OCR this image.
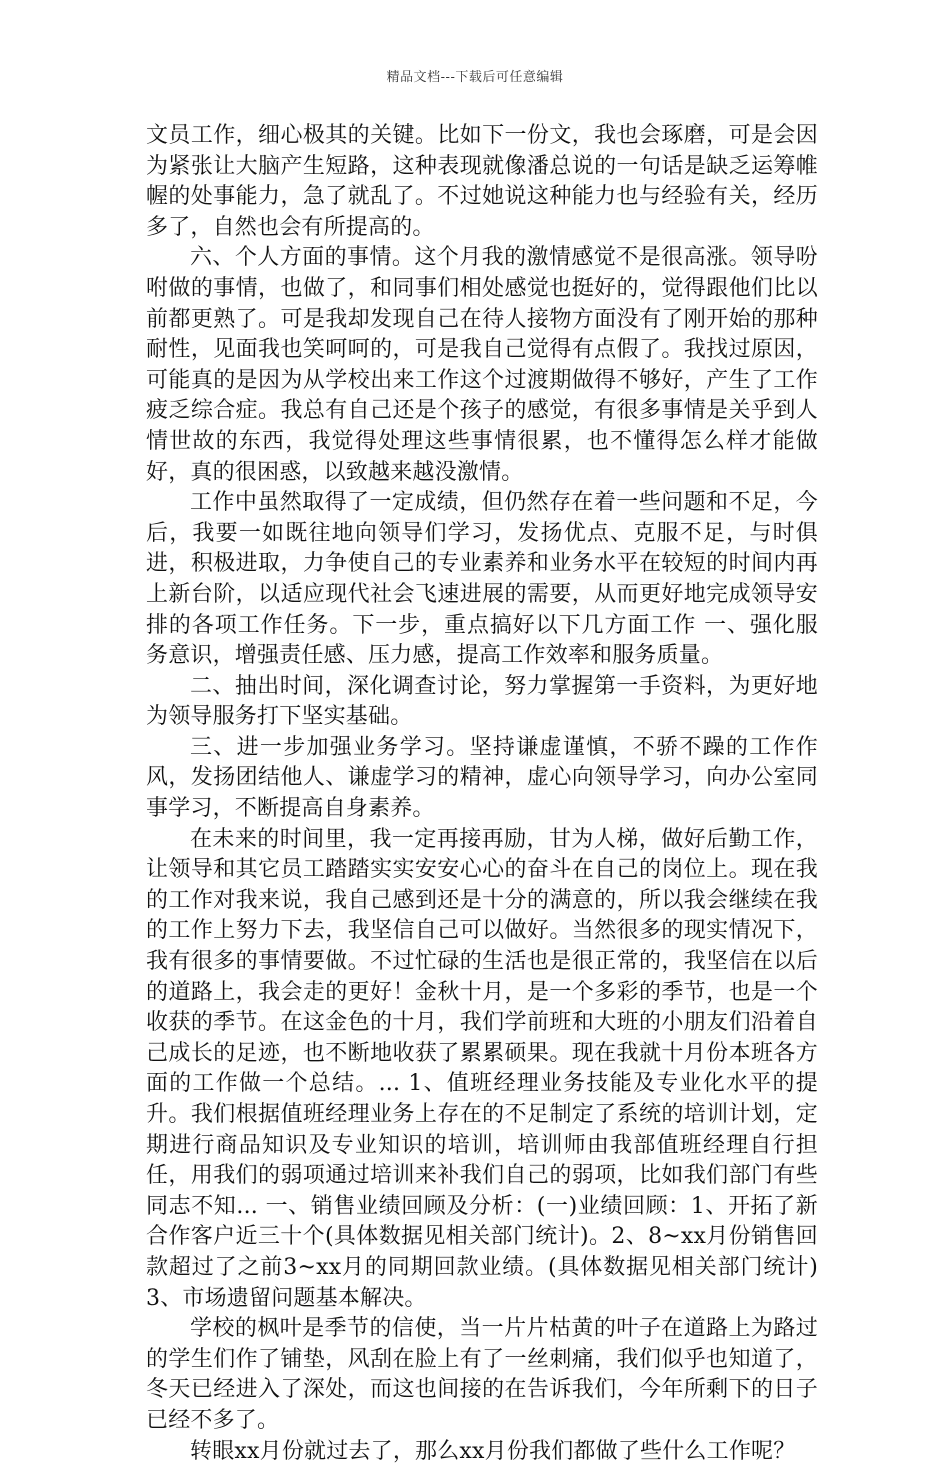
精品文档---下载后可任意编辑

文员工作，细心极其的关键。比如下一份文，我也会琢磨，可是会因为紧张让大脑产生短路，这种表现就像潘总说的一句话是缺乏运筹帷幄的处事能力，急了就乱了。不过她说这种能力也与经验有关，经历多了，自然也会有所提高的。

六、个人方面的事情。这个月我的激情感觉不是很高涨。领导吩咐做的事情，也做了，和同事们相处感觉也挺好的，觉得跟他们比以前都更熟了。可是我却发现自己在待人接物方面没有了刚开始的那种耐性，见面我也笑呵呵的，可是我自己觉得有点假了。我找过原因，可能真的是因为从学校出来工作这个过渡期做得不够好，产生了工作疲乏综合症。我总有自己还是个孩子的感觉，有很多事情是关乎到人情世故的东西，我觉得处理这些事情很累，也不懂得怎么样才能做好，真的很困惑，以致越来越没激情。

工作中虽然取得了一定成绩，但仍然存在着一些问题和不足，今后，我要一如既往地向领导们学习，发扬优点、克服不足，与时俱进，积极进取，力争使自己的专业素养和业务水平在较短的时间内再上新台阶，以适应现代社会飞速进展的需要，从而更好地完成领导安排的各项工作任务。下一步，重点搞好以下几方面工作 一、强化服务意识，增强责任感、压力感，提高工作效率和服务质量。

二、抽出时间，深化调查讨论，努力掌握第一手资料，为更好地为领导服务打下坚实基础。

三、进一步加强业务学习。坚持谦虚谨慎，不骄不躁的工作作风，发扬团结他人、谦虚学习的精神，虚心向领导学习，向办公室同事学习，不断提高自身素养。

在未来的时间里，我一定再接再励，甘为人梯，做好后勤工作，让领导和其它员工踏踏实实安安心心的奋斗在自己的岗位上。现在我的工作对我来说，我自己感到还是十分的满意的，所以我会继续在我的工作上努力下去，我坚信自己可以做好。当然很多的现实情况下，我有很多的事情要做。不过忙碌的生活也是很正常的，我坚信在以后的道路上，我会走的更好！金秋十月，是一个多彩的季节，也是一个收获的季节。在这金色的十月，我们学前班和大班的小朋友们沿着自己成长的足迹，也不断地收获了累累硕果。现在我就十月份本班各方面的工作做一个总结。... 1、值班经理业务技能及专业化水平的提升。我们根据值班经理业务上存在的不足制定了系统的培训计划，定期进行商品知识及专业知识的培训，培训师由我部值班经理自行担任，用我们的弱项通过培训来补我们自己的弱项，比如我们部门有些同志不知... 一、销售业绩回顾及分析：(一)业绩回顾：1、开拓了新合作客户近三十个(具体数据见相关部门统计)。2、8~xx月份销售回款超过了之前3~xx月的同期回款业绩。(具体数据见相关部门统计)3、市场遗留问题基本解决。

学校的枫叶是季节的信使，当一片片枯黄的叶子在道路上为路过的学生们作了铺垫，风刮在脸上有了一丝刺痛，我们似乎也知道了，冬天已经进入了深处，而这也间接的在告诉我们，今年所剩下的日子已经不多了。

转眼xx月份就过去了，那么xx月份我们都做了些什么工作呢？
